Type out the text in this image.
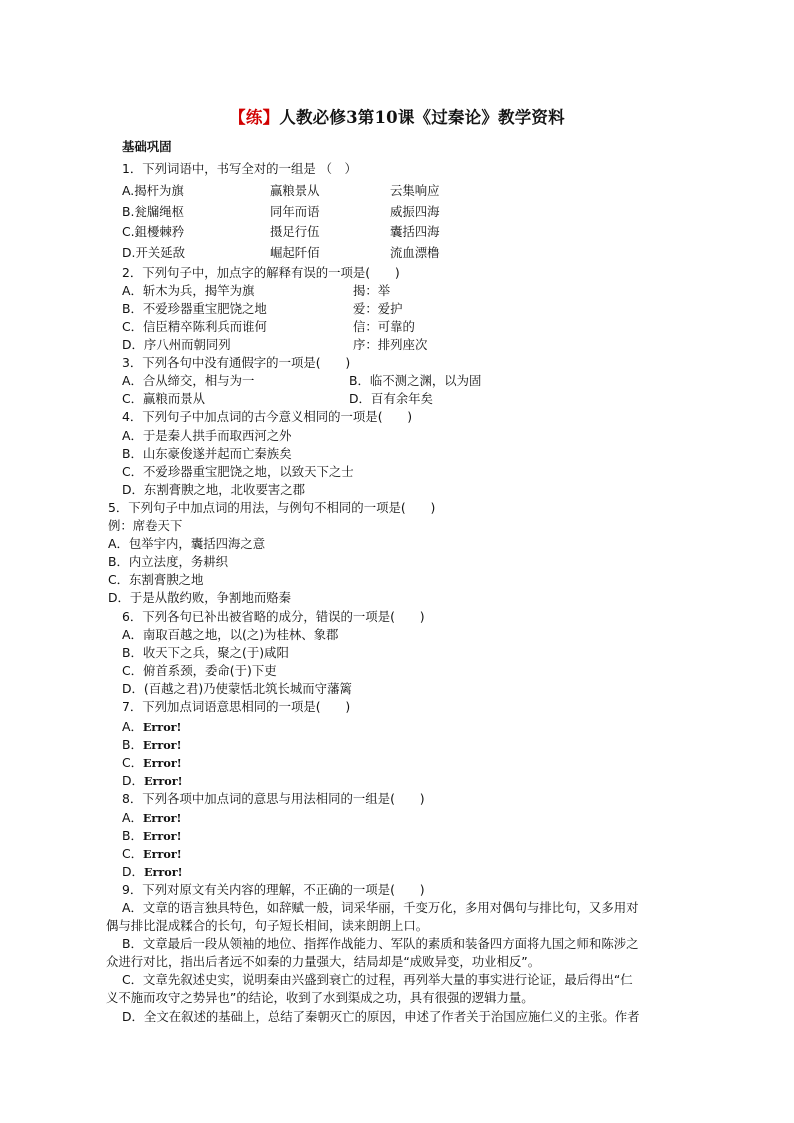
【练】人教必修3第10课《过秦论》教学资料
基础巩固
1．下列词语中，书写全对的一组是 （　）
A.揭杆为旗	赢粮景从	云集响应
B.瓮牖绳枢	同年而语	威振四海
C.鉏櫌棘矜	摄足行伍	囊括四海
D.开关延敌	崛起阡佰	流血漂橹
2．下列句子中，加点字的解释有误的一项是(　　)
A．斩木为兵，揭竿为旗	揭：举
B．不爱珍器重宝肥饶之地	爱：爱护
C．信臣精卒陈利兵而谁何	信：可靠的
D．序八州而朝同列	序：排列座次
3．下列各句中没有通假字的一项是(　　)
A．合从缔交，相与为一	B．临不测之渊，以为固
C．赢粮而景从	D．百有余年矣
4．下列句子中加点词的古今意义相同的一项是(　　)
A．于是秦人拱手而取西河之外
B．山东豪俊遂并起而亡秦族矣
C．不爱珍器重宝肥饶之地，以致天下之士
D．东割膏腴之地，北收要害之郡
5．下列句子中加点词的用法，与例句不相同的一项是(　　)
例：席卷天下
A．包举宇内，囊括四海之意
B．内立法度，务耕织
C．东割膏腴之地
D．于是从散约败，争割地而赂秦
6．下列各句已补出被省略的成分，错误的一项是(　　)
A．南取百越之地，以(之)为桂林、象郡
B．收天下之兵，聚之(于)咸阳
C．俯首系颈，委命(于)下吏
D．(百越之君)乃使蒙恬北筑长城而守藩篱
7．下列加点词语意思相同的一项是(　　)
A．Error!
B．Error!
C．Error!
D．Error!
8．下列各项中加点词的意思与用法相同的一组是(　　)
A．Error!
B．Error!
C．Error!
D．Error!
9．下列对原文有关内容的理解，不正确的一项是(　　)
A．文章的语言独具特色，如辞赋一般，词采华丽，千变万化，多用对偶句与排比句，又多用对
偶与排比混成糅合的长句，句子短长相间，读来朗朗上口。
B．文章最后一段从领袖的地位、指挥作战能力、军队的素质和装备四方面将九国之师和陈涉之
众进行对比，指出后者远不如秦的力量强大，结局却是“成败异变，功业相反”。
C．文章先叙述史实，说明秦由兴盛到衰亡的过程，再列举大量的事实进行论证，最后得出“仁
义不施而攻守之势异也”的结论，收到了水到渠成之功，具有很强的逻辑力量。
D．全文在叙述的基础上，总结了秦朝灭亡的原因，申述了作者关于治国应施仁义的主张。作者
